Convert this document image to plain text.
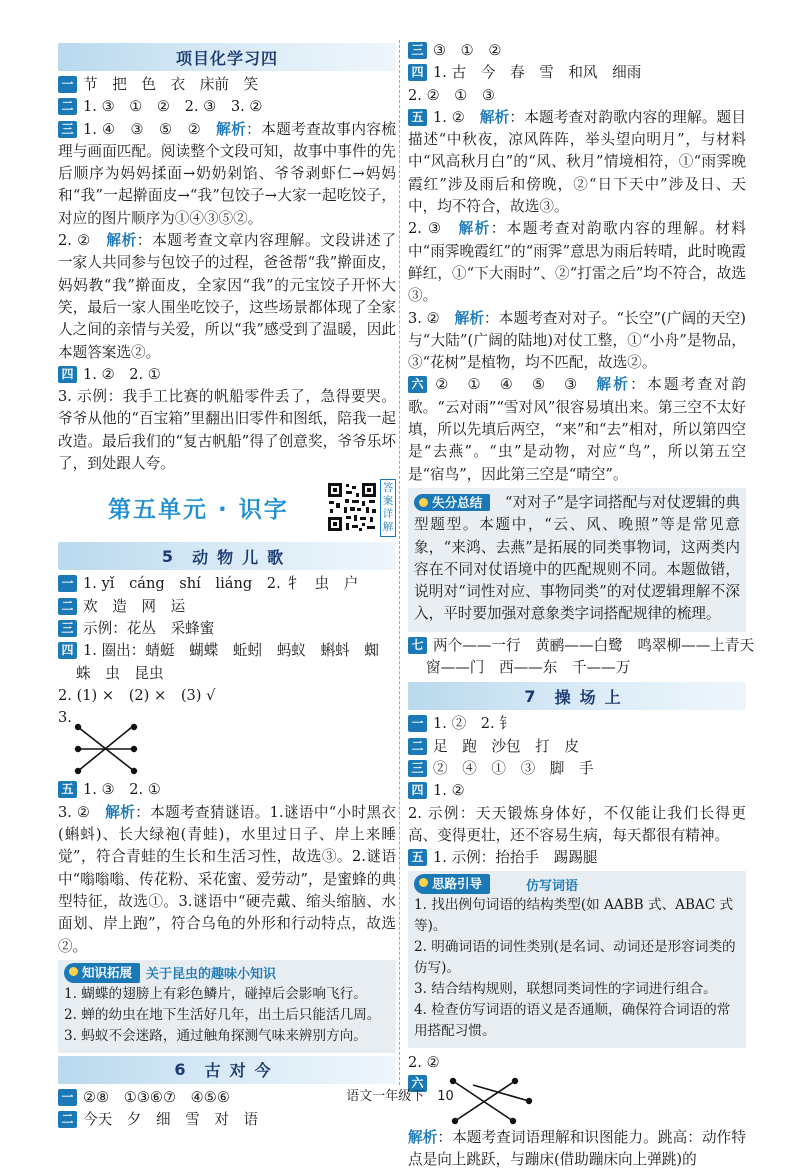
项目化学习四
一 节　把　色　衣　床前　笑
二 1. ③　①　②　2. ③　3. ②
三 1. ④　③　⑤　②　 解析：本题考查故事内容梳理与画面匹配。阅读整个文段可知，故事中事件的先后顺序为妈妈揉面→奶奶剁馅、爷爷剥虾仁→妈妈和“我”一起擀面皮→“我”包饺子→大家一起吃饺子，对应的图片顺序为①④③⑤②。
2. ②　 解析：本题考查文章内容理解。文段讲述了一家人共同参与包饺子的过程，爸爸帮“我”擀面皮，妈妈教“我”擀面皮，全家因“我”的元宝饺子开怀大笑，最后一家人围坐吃饺子，这些场景都体现了全家人之间的亲情与关爱，所以“我”感受到了温暖，因此本题答案选②。
四 1. ②　2. ①
3. 示例：我手工比赛的帆船零件丢了，急得要哭。爷爷从他的“百宝箱”里翻出旧零件和图纸，陪我一起改造。最后我们的“复古帆船”得了创意奖，爷爷乐坏了，到处跟人夸。
第五单元 · 识字
答案详解
5 动物儿歌
一 1. yǐ　cáng　shí　liáng　2. 牜　虫　户
二 欢　造　网　运
三 示例：花丛　采蜂蜜
四 1. 圈出：蜻蜓　蝴蝶　蚯蚓　蚂蚁　蝌蚪　蜘
蛛　虫　昆虫
2. (1) ×　(2) ×　(3) √
3.
五 1. ③　2. ①
3. ②　 解析：本题考查猜谜语。1.谜语中“小时黑衣(蝌蚪)、长大绿袍(青蛙)，水里过日子、岸上来睡觉”，符合青蛙的生长和生活习性，故选③。2.谜语中“嗡嗡嗡、传花粉、采花蜜、爱劳动”，是蜜蜂的典型特征，故选①。3.谜语中“硬壳戴、缩头缩脑、水面划、岸上跑”，符合乌龟的外形和行动特点，故选②。
知识拓展	关于昆虫的趣味小知识
1. 蝴蝶的翅膀上有彩色鳞片，碰掉后会影响飞行。
2. 蝉的幼虫在地下生活好几年，出土后只能活几周。
3. 蚂蚁不会迷路，通过触角探测气味来辨别方向。
6 古对今
一 ②⑧　①③⑥⑦　④⑤⑥
二 今天　夕　细　雪　对　语
三 ③　①　②
四 1. 古　今　春　雪　和风　细雨
2. ②　①　③
五 1. ②　 解析：本题考查对韵歌内容的理解。题目描述“中秋夜，凉风阵阵，举头望向明月”，与材料中“风高秋月白”的“风、秋月”情境相符，①“雨霁晚霞红”涉及雨后和傍晚，②“日下天中”涉及日、天中，均不符合，故选③。
2. ③　 解析：本题考查对韵歌内容的理解。材料中“雨霁晚霞红”的“雨霁”意思为雨后转晴，此时晚霞鲜红，①“下大雨时”、②“打雷之后”均不符合，故选③。
3. ②　 解析：本题考查对对子。“长空”(广阔的天空)与“大陆”(广阔的陆地)对仗工整，①“小舟”是物品，③“花树”是植物，均不匹配，故选②。
六 ②　①　④　⑤　③　 解析：本题考查对韵歌。“云对雨”“雪对风”很容易填出来。第三空不太好填，所以先填后两空，“来”和“去”相对，所以第四空是“去燕”。“虫”是动物，对应“鸟”，所以第五空是“宿鸟”，因此第三空是“晴空”。
失分总结　 “对对子”是字词搭配与对仗逻辑的典型题型。本题中，“云、风、晚照”等是常见意象，“来鸿、去燕”是拓展的同类事物词，这两类内容在不同对仗语境中的匹配规则不同。本题做错，说明对“词性对应、事物同类”的对仗逻辑理解不深入，平时要加强对意象类字词搭配规律的梳理。
七 两个——一行　黄鹂——白鹭　鸣翠柳——上青天
窗——门　西——东　千——万
7 操场上
一 1. ②　2. 钅
二 足　跑　沙包　打　皮
三 ②　④　①　③　脚　手
四 1. ②
2. 示例：天天锻炼身体好，不仅能让我们长得更高、变得更壮，还不容易生病，每天都很有精神。
五 1. 示例：抬抬手　踢踢腿
思路引导	仿写词语
1. 找出例句词语的结构类型(如 AABB 式、ABAC 式等)。
2. 明确词语的词性类别(是名词、动词还是形容词类的仿写)。
3. 结合结构规则，联想同类词性的字词进行组合。
4. 检查仿写词语的语义是否通顺，确保符合词语的常用搭配习惯。
2. ②
六
解析：本题考查词语理解和识图能力。跳高：动作特点是向上跳跃，与蹦床(借助蹦床向上弹跳)的
语文一年级下　10
